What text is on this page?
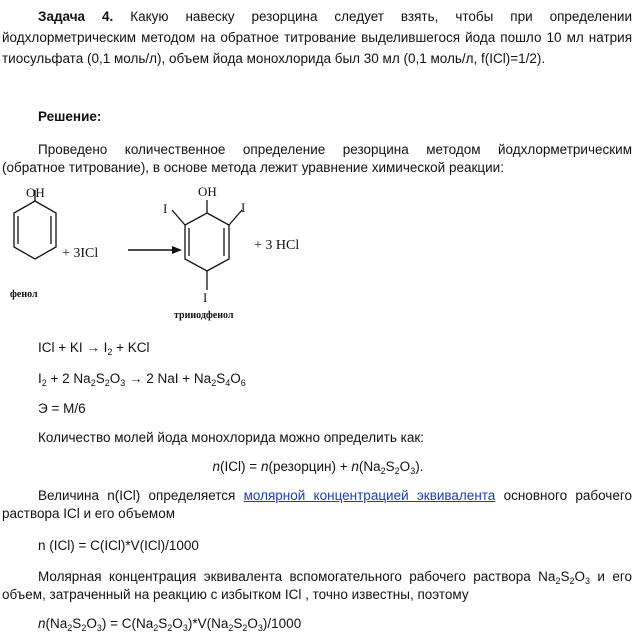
Задача 4. Какую навеску резорцина следует взять, чтобы при определении
йодхлорметрическим методом на обратное титрование выделившегося йода пошло 10 мл натрия
тиосульфата (0,1 моль/л), объем йода монохлорида был 30 мл (0,1 моль/л, f(ICl)=1/2).
Решение:
Проведено количественное определение резорцина методом йодхлорметрическим
(обратное титрование), в основе метода лежит уравнение химической реакции:
OH
фенол
+ 3ICl
OH
I	I
I
трииодфенол
+ 3 HCl
ICl + KI → $I_2$ + KCl
$I_2 + 2$ $Na_2S_2O_3 \to 2$ NaI + $Na_2S_4O_6$
Э = М/6
Количество молей йода монохлорида можно определить как:
n(ICl) = n(резорцин) + $n(Na_2S_2O_3)$.
Величина n(ICl) определяется молярной концентрацией эквивалента основного рабочего
раствора ICl и его объемом
n (ICl) = C(ICl)*V(ICl)/1000
Молярная концентрация эквивалента вспомогательного рабочего раствора $Na_2S_2O_3$ и его
объем, затраченный на реакцию с избытком ICl , точно известны, поэтому
$n(Na_2S_2O_3) = C(Na_2S_2O_3)*V(Na_2S_2O_3)/1000$
